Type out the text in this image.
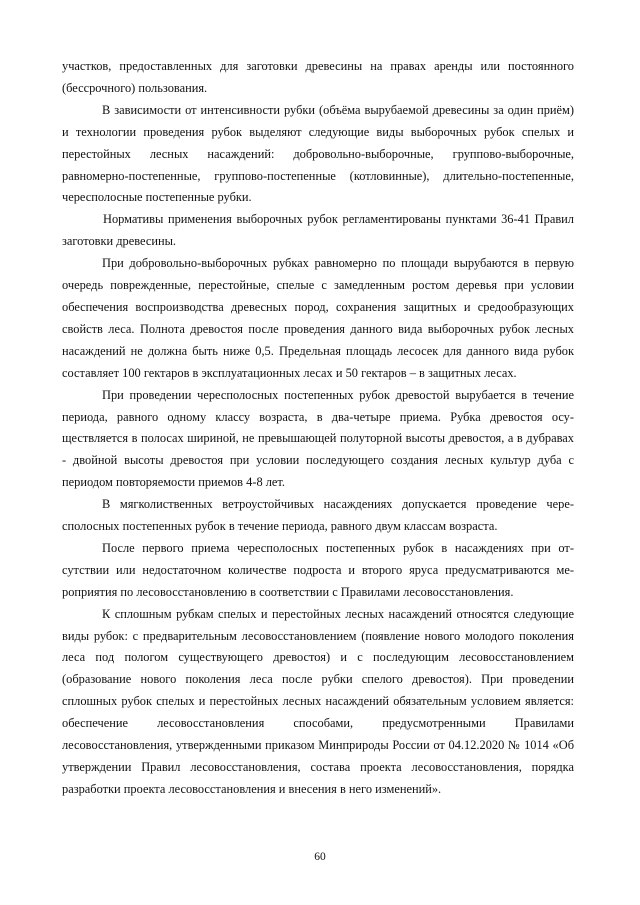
участков, предоставленных для заготовки древесины на правах аренды или постоянного (бессрочного) пользования.

В зависимости от интенсивности рубки (объёма вырубаемой древесины за один приём) и технологии проведения рубок выделяют следующие виды выборочных рубок спелых и перестойных лесных насаждений: добровольно-выборочные, группово-выборочные, равномерно-постепенные, группово-постепенные (котловинные), длительно-постепенные, чересполосные постепенные рубки.

Нормативы применения выборочных рубок регламентированы пунктами 36-41 Правил заготовки древесины.

При добровольно-выборочных рубках равномерно по площади вырубаются в первую очередь поврежденные, перестойные, спелые с замедленным ростом деревья при условии обеспечения воспроизводства древесных пород, сохранения защитных и средообразующих свойств леса. Полнота древостоя после проведения данного вида выборочных рубок лесных насаждений не должна быть ниже 0,5. Предельная площадь лесосек для данного вида рубок составляет 100 гектаров в эксплуатационных лесах и 50 гектаров – в защитных лесах.

При проведении чересполосных постепенных рубок древостой вырубается в течение периода, равного одному классу возраста, в два-четыре приема. Рубка древостоя осуществляется в полосах шириной, не превышающей полуторной высоты древостоя, а в дубравах - двойной высоты древостоя при условии последующего создания лесных культур дуба с периодом повторяемости приемов 4-8 лет.

В мягколиственных ветроустойчивых насаждениях допускается проведение чересполосных постепенных рубок в течение периода, равного двум классам возраста.

После первого приема чересполосных постепенных рубок в насаждениях при отсутствии или недостаточном количестве подроста и второго яруса предусматриваются мероприятия по лесовосстановлению в соответствии с Правилами лесовосстановления.

К сплошным рубкам спелых и перестойных лесных насаждений относятся следующие виды рубок: с предварительным лесовосстановлением (появление нового молодого поколения леса под пологом существующего древостоя) и с последующим лесовосстановлением (образование нового поколения леса после рубки спелого древостоя). При проведении сплошных рубок спелых и перестойных лесных насаждений обязательным условием является: обеспечение лесовосстановления способами, предусмотренными Правилами лесовосстановления, утвержденными приказом Минприроды России от 04.12.2020 № 1014 «Об утверждении Правил лесовосстановления, состава проекта лесовосстановления, порядка разработки проекта лесовосстановления и внесения в него изменений».

60
